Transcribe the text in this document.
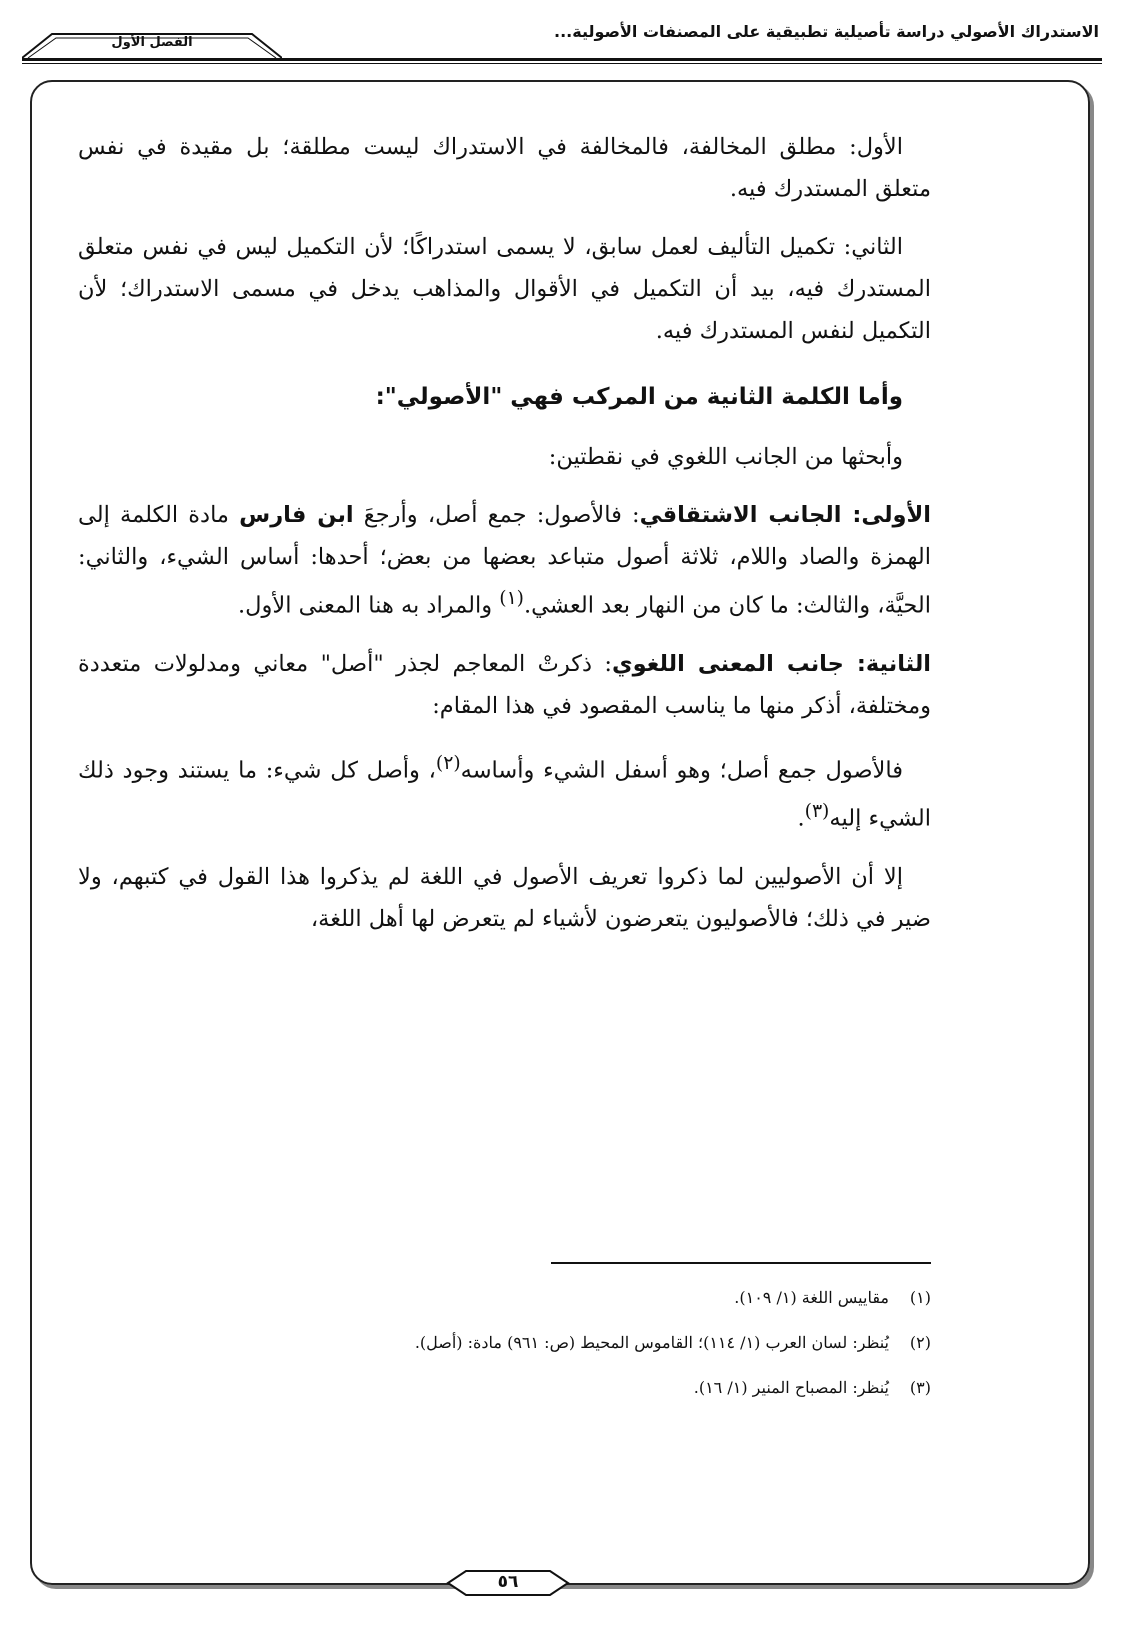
الاستدراك الأصولي دراسة تأصيلية تطبيقية على المصنفات الأصولية...
الفصل الأول

الأول: مطلق المخالفة، فالمخالفة في الاستدراك ليست مطلقة؛ بل مقيدة في نفس متعلق المستدرك فيه.

الثاني: تكميل التأليف لعمل سابق، لا يسمى استدراكًا؛ لأن التكميل ليس في نفس متعلق المستدرك فيه، بيد أن التكميل في الأقوال والمذاهب يدخل في مسمى الاستدراك؛ لأن التكميل لنفس المستدرك فيه.

وأما الكلمة الثانية من المركب فهي "الأصولي":

وأبحثها من الجانب اللغوي في نقطتين:

الأولى: الجانب الاشتقاقي: فالأصول: جمع أصل، وأرجعَ ابن فارس مادة الكلمة إلى الهمزة والصاد واللام، ثلاثة أصول متباعد بعضها من بعض؛ أحدها: أساس الشيء، والثاني: الحيَّة، والثالث: ما كان من النهار بعد العشي.$^{(١)}$ والمراد به هنا المعنى الأول.

الثانية: جانب المعنى اللغوي: ذكرتْ المعاجم لجذر "أصل" معاني ومدلولات متعددة ومختلفة، أذكر منها ما يناسب المقصود في هذا المقام:

فالأصول جمع أصل؛ وهو أسفل الشيء وأساسه$^{(٢)}$، وأصل كل شيء: ما يستند وجود ذلك الشيء إليه$^{(٣)}$.

إلا أن الأصوليين لما ذكروا تعريف الأصول في اللغة لم يذكروا هذا القول في كتبهم، ولا ضير في ذلك؛ فالأصوليون يتعرضون لأشياء لم يتعرض لها أهل اللغة،

(١)مقاييس اللغة (١/ ١٠٩).
(٢)يُنظر: لسان العرب (١/ ١١٤)؛ القاموس المحيط (ص: ٩٦١) مادة: (أصل).
(٣)يُنظر: المصباح المنير (١/ ١٦).
٥٦
